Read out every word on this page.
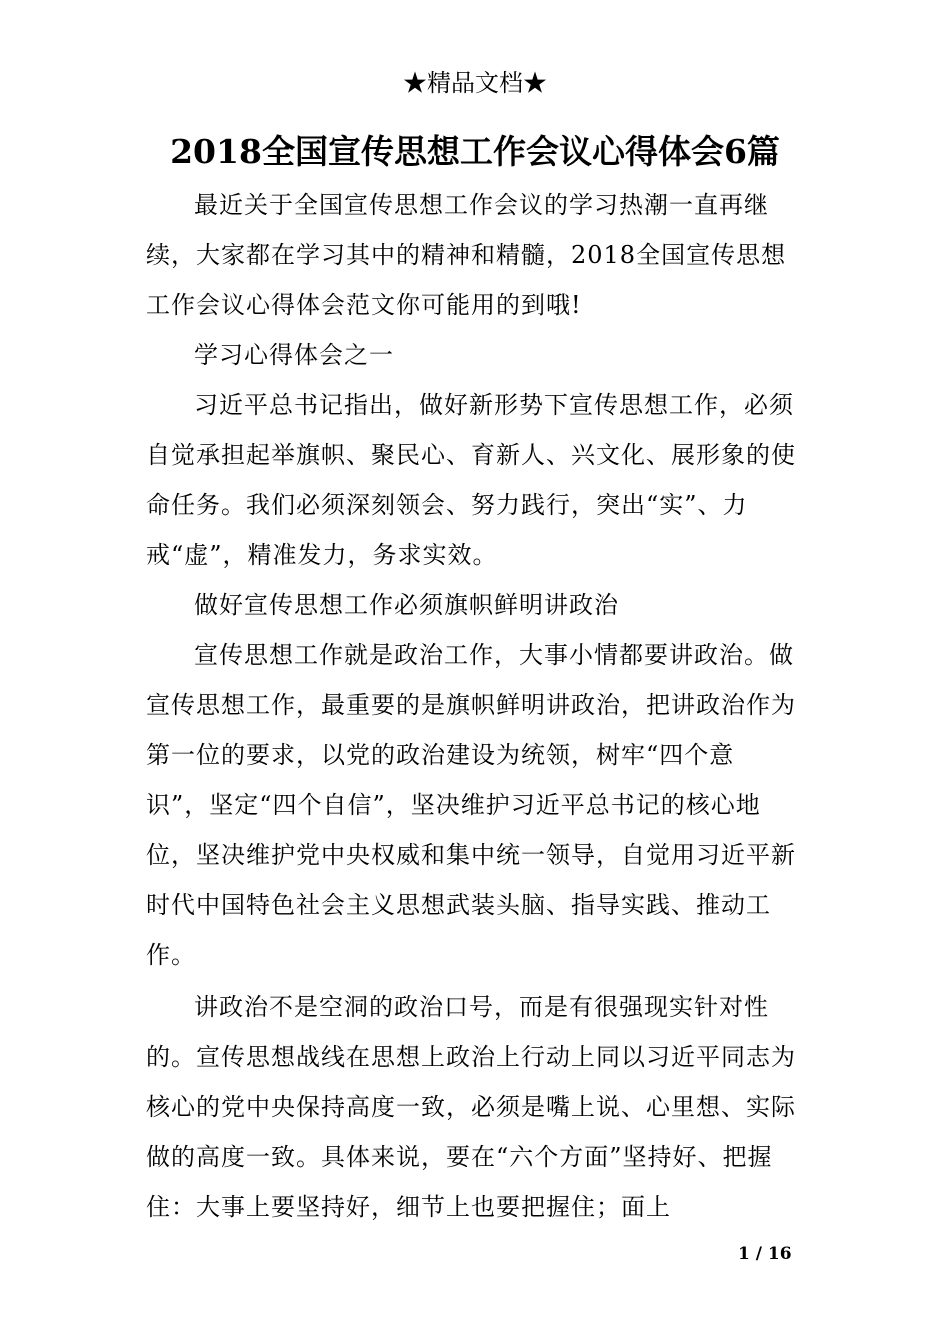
★精品文档★
2018全国宣传思想工作会议心得体会6篇

最近关于全国宣传思想工作会议的学习热潮一直再继续，大家都在学习其中的精神和精髓，2018全国宣传思想工作会议心得体会范文你可能用的到哦!

学习心得体会之一

习近平总书记指出，做好新形势下宣传思想工作，必须自觉承担起举旗帜、聚民心、育新人、兴文化、展形象的使命任务。我们必须深刻领会、努力践行，突出“实”、力戒“虚”，精准发力，务求实效。

做好宣传思想工作必须旗帜鲜明讲政治

宣传思想工作就是政治工作，大事小情都要讲政治。做宣传思想工作，最重要的是旗帜鲜明讲政治，把讲政治作为第一位的要求，以党的政治建设为统领，树牢“四个意识”，坚定“四个自信”，坚决维护习近平总书记的核心地位，坚决维护党中央权威和集中统一领导，自觉用习近平新时代中国特色社会主义思想武装头脑、指导实践、推动工作。

讲政治不是空洞的政治口号，而是有很强现实针对性的。宣传思想战线在思想上政治上行动上同以习近平同志为核心的党中央保持高度一致，必须是嘴上说、心里想、实际做的高度一致。具体来说，要在“六个方面”坚持好、把握住：大事上要坚持好，细节上也要把握住；面上

1 / 16
